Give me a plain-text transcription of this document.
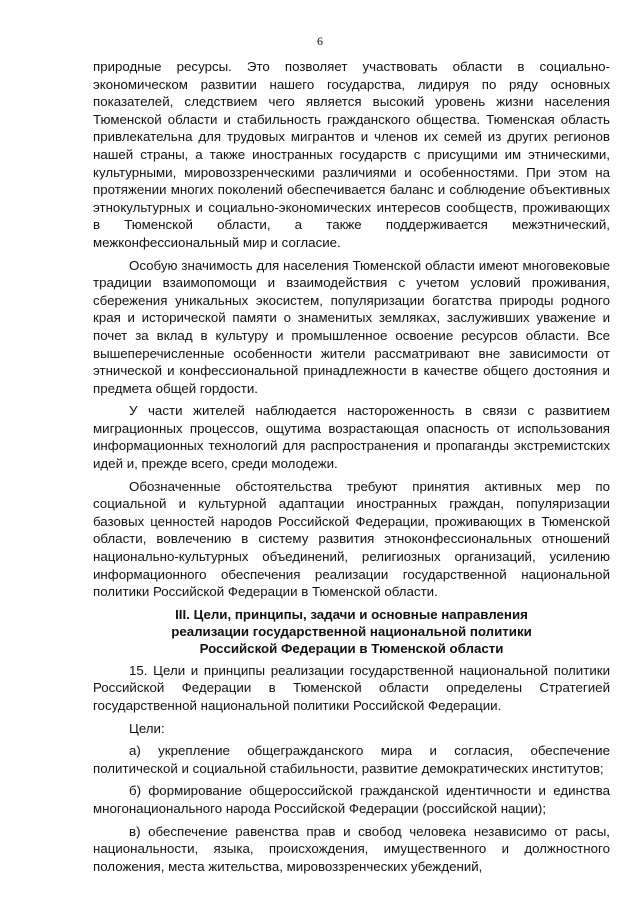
6

природные ресурсы. Это позволяет участвовать области в социально-экономическом развитии нашего государства, лидируя по ряду основных показателей, следствием чего является высокий уровень жизни населения Тюменской области и стабильность гражданского общества. Тюменская область привлекательна для трудовых мигрантов и членов их семей из других регионов нашей страны, а также иностранных государств с присущими им этническими, культурными, мировоззренческими различиями и особенностями. При этом на протяжении многих поколений обеспечивается баланс и соблюдение объективных этнокультурных и социально-экономических интересов сообществ, проживающих в Тюменской области, а также поддерживается межэтнический, межконфессиональный мир и согласие.

Особую значимость для населения Тюменской области имеют многовековые традиции взаимопомощи и взаимодействия с учетом условий проживания, сбережения уникальных экосистем, популяризации богатства природы родного края и исторической памяти о знаменитых земляках, заслуживших уважение и почет за вклад в культуру и промышленное освоение ресурсов области. Все вышеперечисленные особенности жители рассматривают вне зависимости от этнической и конфессиональной принадлежности в качестве общего достояния и предмета общей гордости.

У части жителей наблюдается настороженность в связи с развитием миграционных процессов, ощутима возрастающая опасность от использования информационных технологий для распространения и пропаганды экстремистских идей и, прежде всего, среди молодежи.

Обозначенные обстоятельства требуют принятия активных мер по социальной и культурной адаптации иностранных граждан, популяризации базовых ценностей народов Российской Федерации, проживающих в Тюменской области, вовлечению в систему развития этноконфессиональных отношений национально-культурных объединений, религиозных организаций, усилению информационного обеспечения реализации государственной национальной политики Российской Федерации в Тюменской области.

III. Цели, принципы, задачи и основные направления
реализации государственной национальной политики
Российской Федерации в Тюменской области

15. Цели и принципы реализации государственной национальной политики Российской Федерации в Тюменской области определены Стратегией государственной национальной политики Российской Федерации.

Цели:

а) укрепление общегражданского мира и согласия, обеспечение политической и социальной стабильности, развитие демократических институтов;

б) формирование общероссийской гражданской идентичности и единства многонационального народа Российской Федерации (российской нации);

в) обеспечение равенства прав и свобод человека независимо от расы, национальности, языка, происхождения, имущественного и должностного положения, места жительства, мировоззренческих убеждений,
